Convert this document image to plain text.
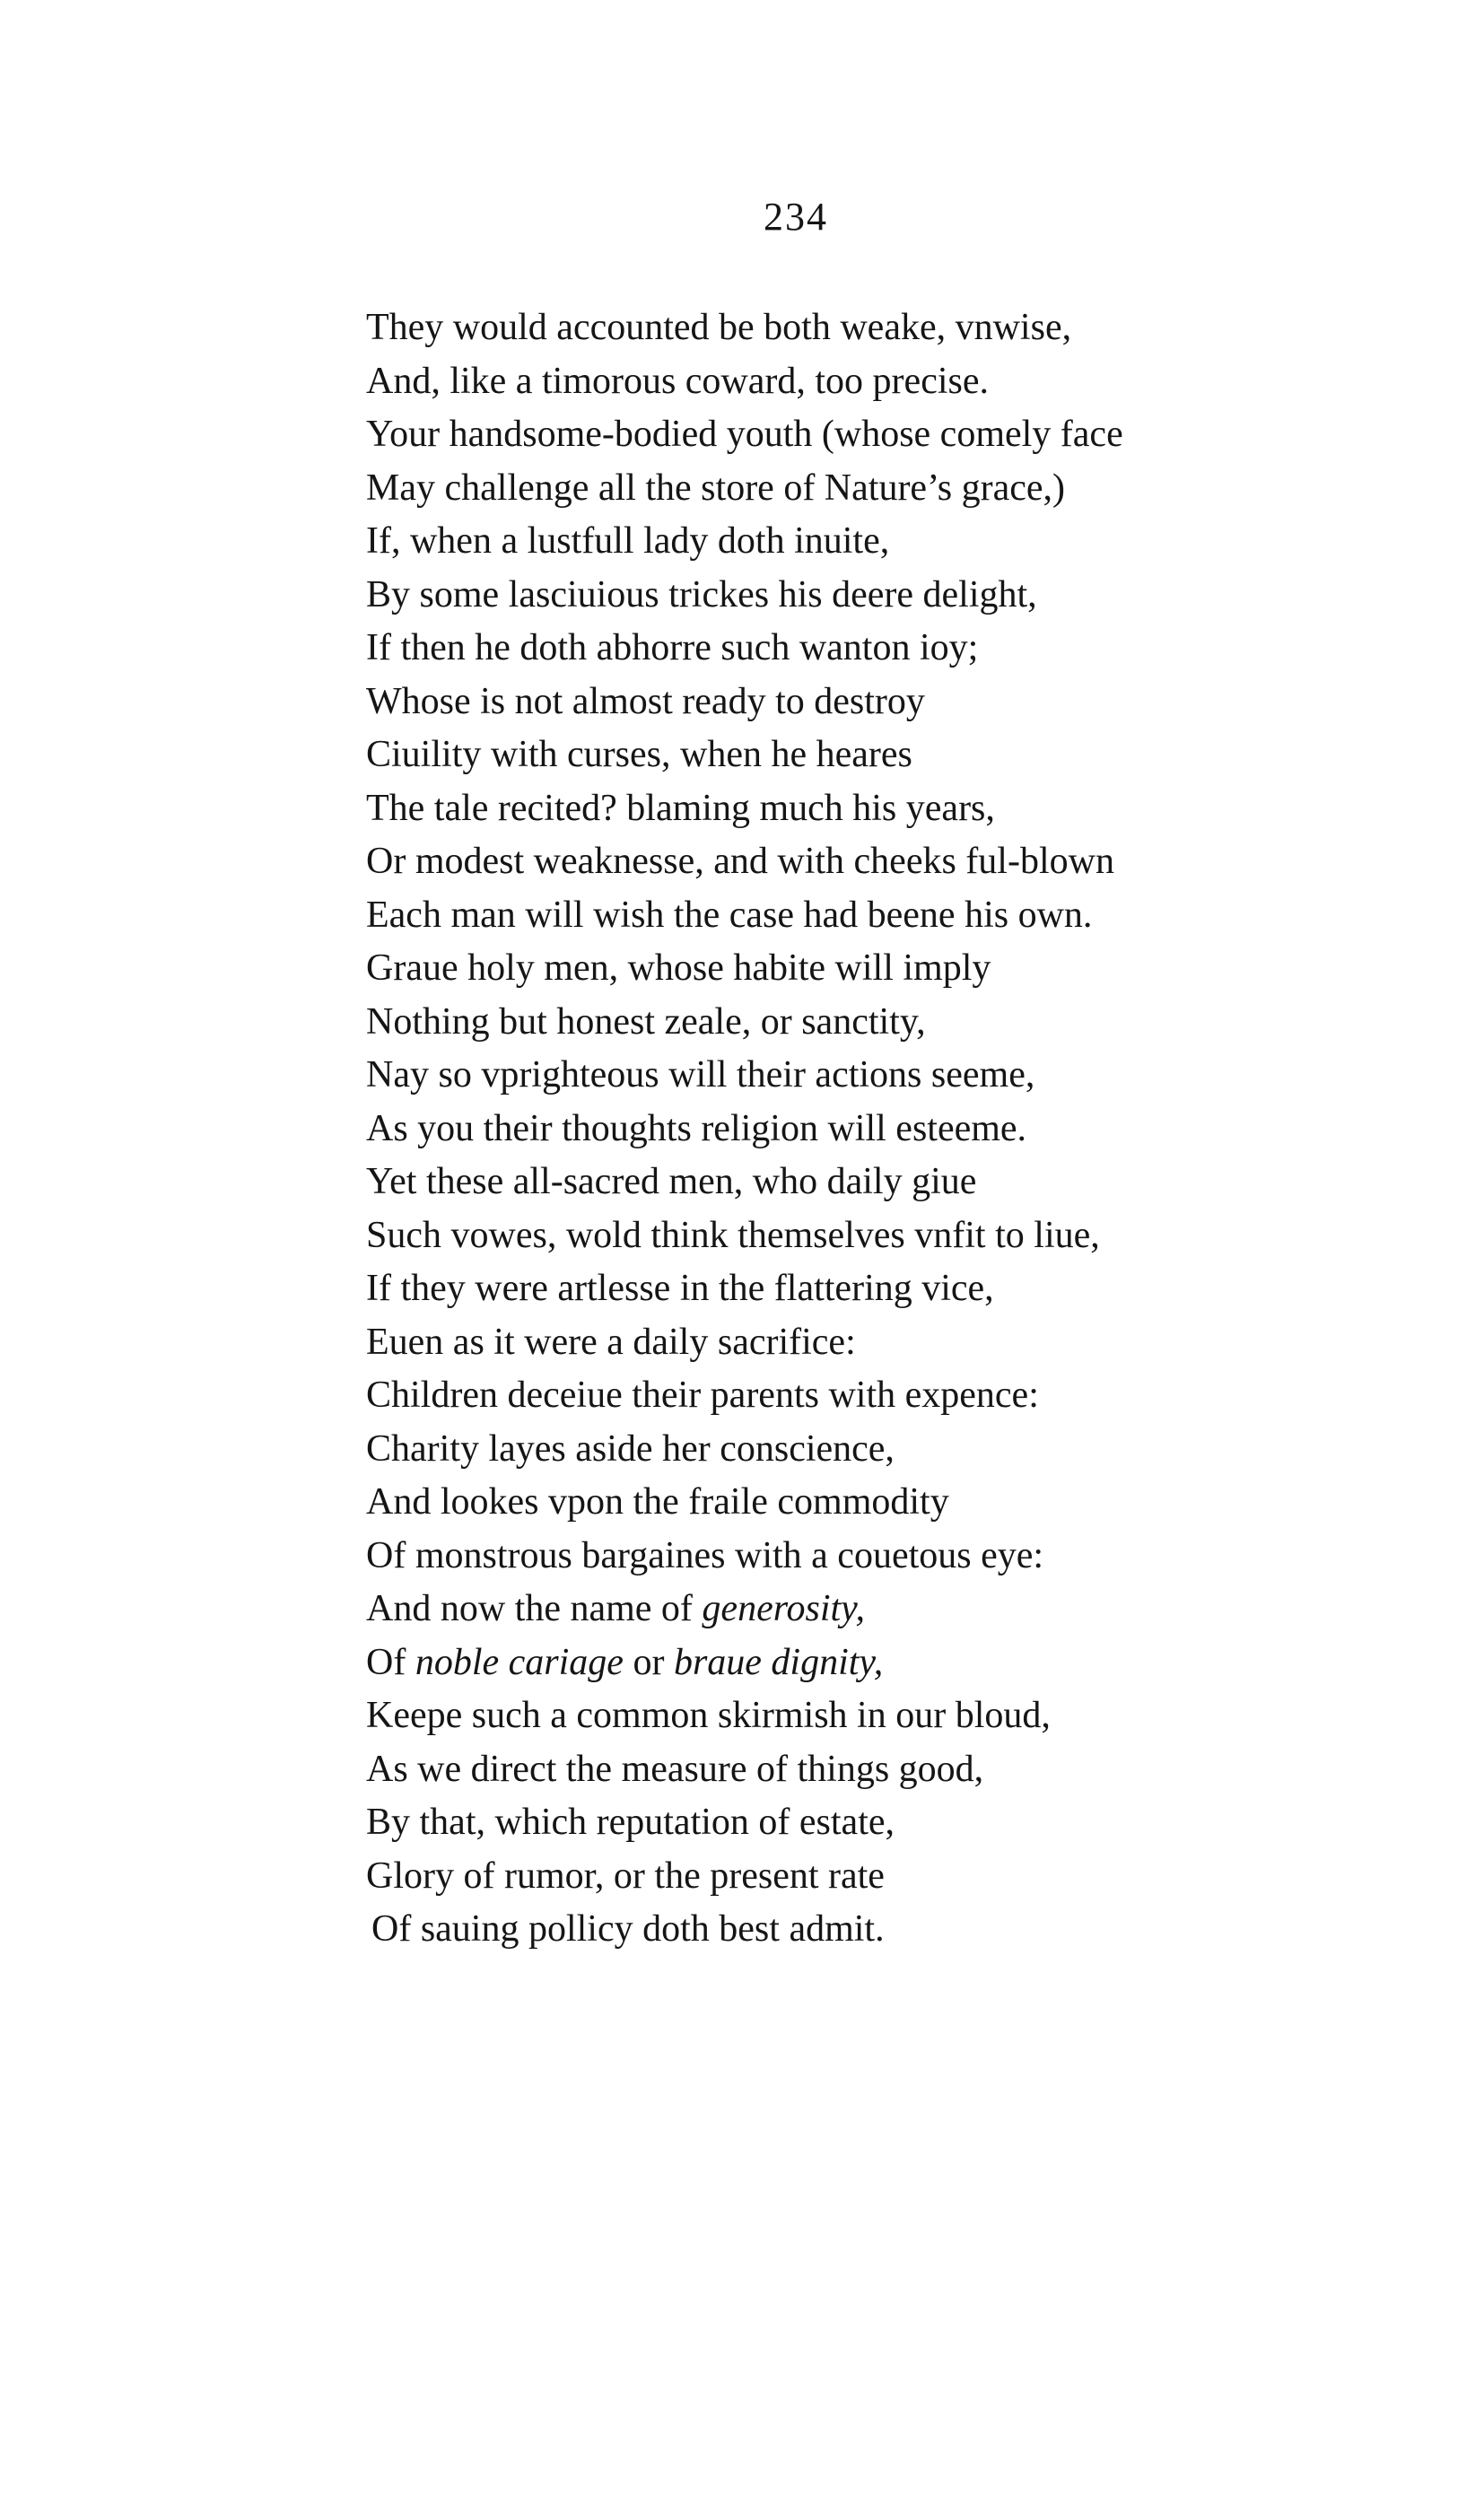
234
They would accounted be both weake, vnwise,
And, like a timorous coward, too precise.
Your handsome-bodied youth (whose comely face
May challenge all the store of Nature’s grace,)
If, when a lustfull lady doth inuite,
By some lasciuious trickes his deere delight,
If then he doth abhorre such wanton ioy;
Whose is not almost ready to destroy
Ciuility with curses, when he heares
The tale recited? blaming much his years,
Or modest weaknesse, and with cheeks ful-blown
Each man will wish the case had beene his own.
Graue holy men, whose habite will imply
Nothing but honest zeale, or sanctity,
Nay so vprighteous will their actions seeme,
As you their thoughts religion will esteeme.
Yet these all-sacred men, who daily giue
Such vowes, wold think themselves vnfit to liue,
If they were artlesse in the flattering vice,
Euen as it were a daily sacrifice:
Children deceiue their parents with expence:
Charity layes aside her conscience,
And lookes vpon the fraile commodity
Of monstrous bargaines with a couetous eye:
And now the name of generosity,
Of noble cariage or braue dignity,
Keepe such a common skirmish in our bloud,
As we direct the measure of things good,
By that, which reputation of estate,
Glory of rumor, or the present rate
Of sauing pollicy doth best admit.
